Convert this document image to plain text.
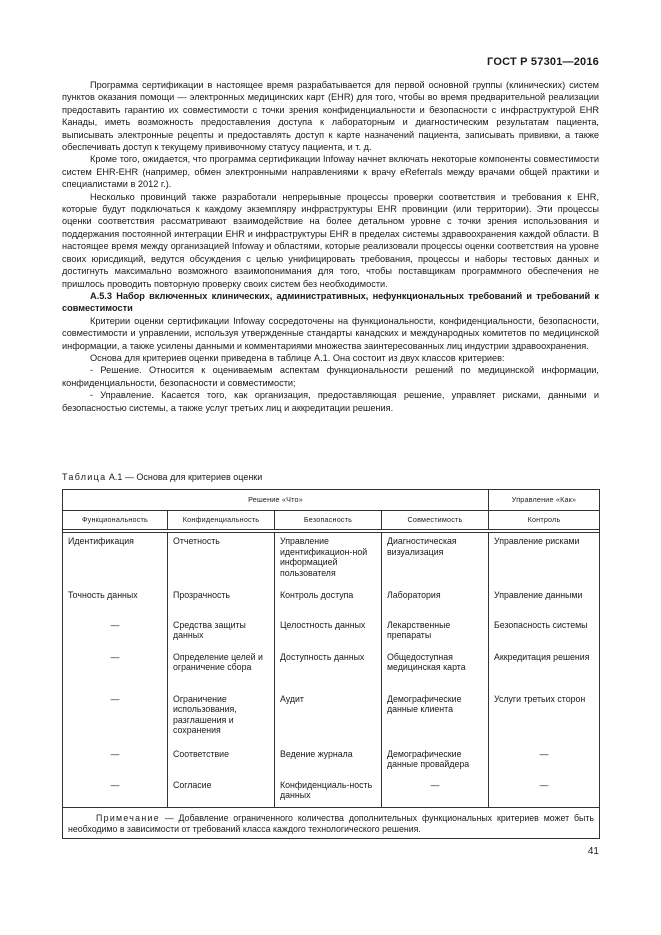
ГОСТ Р 57301—2016

Программа сертификации в настоящее время разрабатывается для первой основной группы (клинических) систем пунктов оказания помощи — электронных медицинских карт (EHR) для того, чтобы во время предварительной реализации предоставить гарантию их совместимости с точки зрения конфиденциальности и безопасности с инфраструктурой EHR Канады, иметь возможность предоставления доступа к лабораторным и диагностическим результатам пациента, выписывать электронные рецепты и предоставлять доступ к карте назначений пациента, записывать прививки, а также обеспечивать доступ к текущему прививочному статусу пациента, и т. д.

Кроме того, ожидается, что программа сертификации Infoway начнет включать некоторые компоненты совместимости систем EHR-EHR (например, обмен электронными направлениями к врачу eReferrals между врачами общей практики и специалистами в 2012 г.).

Несколько провинций также разработали непрерывные процессы проверки соответствия и требования к EHR, которые будут подключаться к каждому экземпляру инфраструктуры EHR провинции (или территории). Эти процессы оценки соответствия рассматривают взаимодействие на более детальном уровне с точки зрения использования и поддержания постоянной интеграции EHR и инфраструктуры EHR в пределах системы здравоохранения каждой области. В настоящее время между организацией Infoway и областями, которые реализовали процессы оценки соответствия на уровне своих юрисдикций, ведутся обсуждения с целью унифицировать требования, процессы и наборы тестовых данных и достигнуть максимально возможного взаимопонимания для того, чтобы поставщикам программного обеспечения не пришлось проводить повторную проверку своих систем без необходимости.

А.5.3 Набор включенных клинических, административных, нефункциональных требований и требований к совместимости

Критерии оценки сертификации Infoway сосредоточены на функциональности, конфиденциальности, безопасности, совместимости и управлении, используя утвержденные стандарты канадских и международных комитетов по медицинской информации, а также усилены данными и комментариями множества заинтересованных лиц индустрии здравоохранения.

Основа для критериев оценки приведена в таблице А.1. Она состоит из двух классов критериев:

- Решение. Относится к оцениваемым аспектам функциональности решений по медицинской информации, конфиденциальности, безопасности и совместимости;

- Управление. Касается того, как организация, предоставляющая решение, управляет рисками, данными и безопасностью системы, а также услуг третьих лиц и аккредитации решения.

Таблица А.1 — Основа для критериев оценки
Решение «Что»				Управление «Как»
Функциональность	Конфиденциальность	Безопасность	Совместимость	Контроль

Идентификация	Отчетность	Управление идентификацион-ной информацией пользователя	Диагностическая визуализация	Управление рисками
Точность данных	Прозрачность	Контроль доступа	Лаборатория	Управление данными
—	Средства защиты данных	Целостность данных	Лекарственные препараты	Безопасность системы
—	Определение целей и ограничение сбора	Доступность данных	Общедоступная медицинская карта	Аккредитация решения
—	Ограничение использования, разглашения и сохранения	Аудит	Демографические данные клиента	Услуги третьих сторон
—	Соответствие	Ведение журнала	Демографические данные провайдера	—
—	Согласие	Конфиденциаль-ность данных	—	—
Примечание — Добавление ограниченного количества дополнительных функциональных критериев может быть необходимо в зависимости от требований класса каждого технологического решения.				
41
